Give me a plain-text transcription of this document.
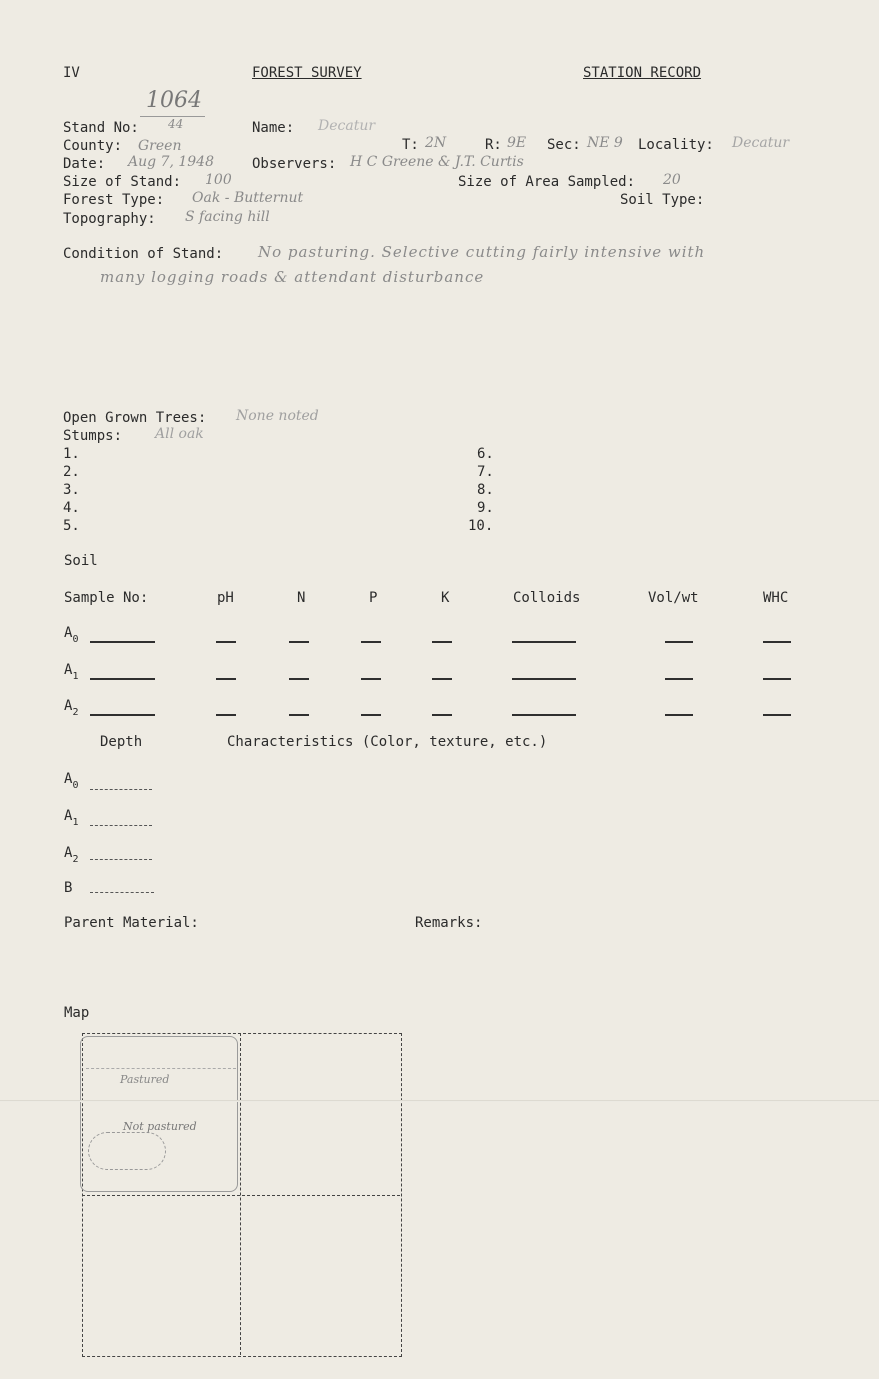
IV	FOREST SURVEY	STATION RECORD
1064
Stand No: 44	Name: Decatur
County: Green	T: 2N	R: 9E Sec: NE 9 Locality: Decatur
Date: Aug 7, 1948	Observers: H C Greene & J.T. Curtis
Size of Stand: 100	Size of Area Sampled: 20
Forest Type: Oak - Butternut	Soil Type:
Topography: S facing hill
Condition of Stand: No pasturing. Selective cutting fairly intensive with
many logging roads & attendant disturbance
Open Grown Trees: None noted
Stumps: All oak
1.
2.
3.
4.
5.
6.
7.
8.
9.
10.
Soil
Sample No:	pH	N	P	K	Colloids	Vol/wt	WHC
$A_0$
$A_1$
$A_2$
Depth	Characteristics (Color, texture, etc.)
$A_0$
$A_1$
$A_2$
B
Parent Material:	Remarks:
Map
Pastured
Not pastured
